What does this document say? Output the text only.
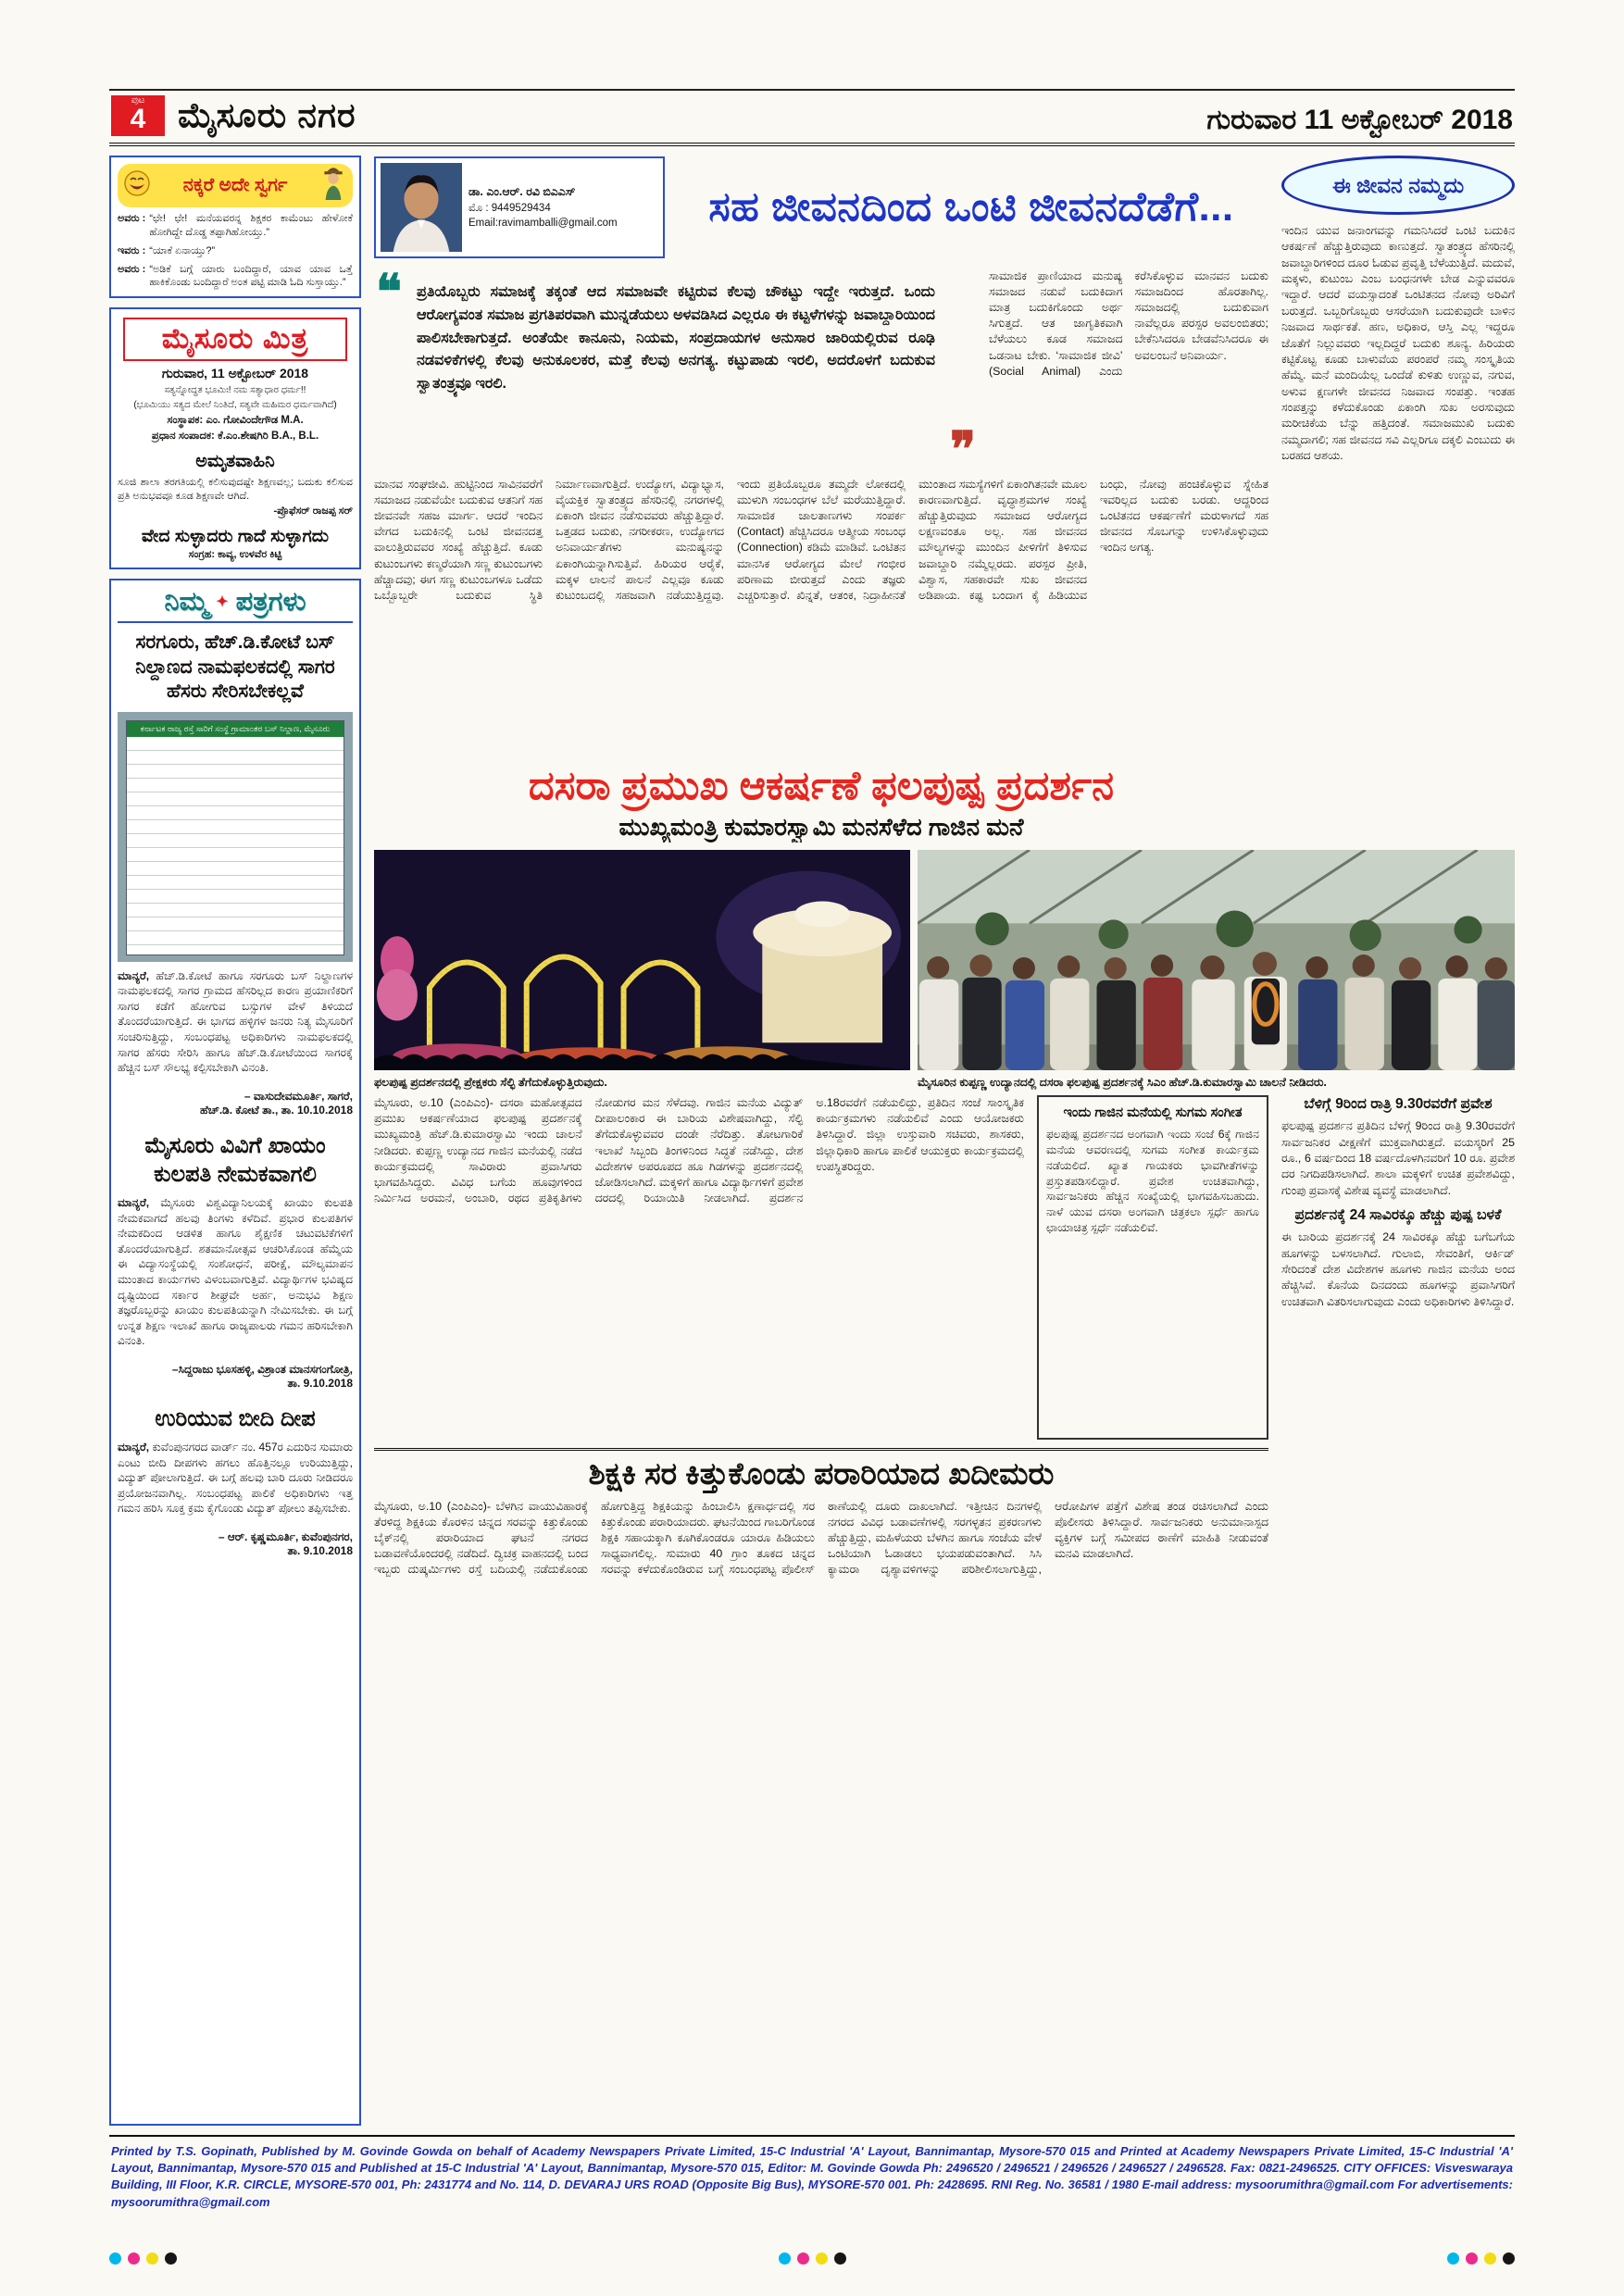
ಪುಟ
4 ಮೈಸೂರು ನಗರ	ಗುರುವಾರ 11 ಅಕ್ಟೋಬರ್ 2018
ನಕ್ಕರೆ ಅದೇ ಸ್ವರ್ಗ
ಅವರು : “ಛೇ! ಛೇ! ಮನೆಯವರನ್ನ ಶಿಕ್ಷಕರ ಕಾಮೆಂಟು ಹೇಳೋಕೆ ಹೋಗಿದ್ದೇ ದೊಡ್ಡ ತಪ್ಪಾಗಿಹೋಯ್ತು.”
ಇವರು : “ಯಾಕೆ ಏನಾಯ್ತು?”
ಅವರು : “ಅಡಿಕೆ ಬಗ್ಗೆ ಯಾರು ಬಂದಿದ್ದಾರೆ, ಯಾವ ಯಾವ ಒತ್ತೆ ಹಾಕಿಕೊಂಡು ಬಂದಿದ್ದಾರೆ ಅಂತ ಪಟ್ಟಿ ಮಾಡಿ ಓದಿ ಸುಸ್ತಾಯ್ತು.”
ಮೈಸೂರು ಮಿತ್ರ
ಗುರುವಾರ, 11 ಅಕ್ಟೋಬರ್ 2018
ಸತ್ಯನ್ನೋದ್ಧತ ಭೂಮಿಃ! ನಮ ಸತ್ಯಾಧಾರ ಧರ್ಮ!!
(ಭೂಮಿಯು ಸತ್ಯದ ಮೇಲೆ ನಿಂತಿದೆ, ಸತ್ಯವೇ ಮಹಿಮರ ಧರ್ಮವಾಗಿದೆ)
ಸಂಸ್ಥಾಪಕ: ಎಂ. ಗೋವಿಂದೇಗೌಡ M.A.
ಪ್ರಧಾನ ಸಂಪಾದಕ: ಕೆ.ಎಂ.ಶೇಷಗಿರಿ B.A., B.L.
ಅಮೃತವಾಹಿನಿ
ಸೂಜಿ ಶಾಲಾ ತರಗತಿಯಲ್ಲಿ ಕಲಿಸುವುದಷ್ಟೇ ಶಿಕ್ಷಣವಲ್ಲ; ಬದುಕು ಕಲಿಸುವ ಪ್ರತಿ ಅನುಭವವೂ ಕೂಡ ಶಿಕ್ಷಣವೇ ಆಗಿದೆ.
-ಪ್ರೊಫೆಸರ್ ರಾಜಪ್ಪ ಸರ್
ವೇದ ಸುಳ್ಳಾದರು ಗಾದೆ ಸುಳ್ಳಾಗದು
ಸಂಗ್ರಹ: ಕಾವ್ಯ, ಉಳವೆರ ಕಿಟ್ಟಿ
ನಿಮ್ಮ ✦ ಪತ್ರಗಳು
ಸರಗೂರು, ಹೆಚ್.ಡಿ.ಕೋಟೆ ಬಸ್ ನಿಲ್ದಾಣದ ನಾಮಫಲಕದಲ್ಲಿ ಸಾಗರ ಹೆಸರು ಸೇರಿಸಬೇಕಲ್ಲವೆ
ಕರ್ನಾಟಕ ರಾಜ್ಯ ರಸ್ತೆ ಸಾರಿಗೆ ಸಂಸ್ಥೆ ಗ್ರಾಮಾಂತರ ಬಸ್ ನಿಲ್ದಾಣ, ಮೈಸೂರು

ಮಾನ್ಯರೆ, ಹೆಚ್.ಡಿ.ಕೋಟೆ ಹಾಗೂ ಸರಗೂರು ಬಸ್ ನಿಲ್ದಾಣಗಳ ನಾಮಫಲಕದಲ್ಲಿ ಸಾಗರ ಗ್ರಾಮದ ಹೆಸರಿಲ್ಲದ ಕಾರಣ ಪ್ರಯಾಣಿಕರಿಗೆ ಸಾಗರ ಕಡೆಗೆ ಹೋಗುವ ಬಸ್ಸುಗಳ ವೇಳೆ ತಿಳಿಯದೆ ತೊಂದರೆಯಾಗುತ್ತಿದೆ. ಈ ಭಾಗದ ಹಳ್ಳಿಗಳ ಜನರು ನಿತ್ಯ ಮೈಸೂರಿಗೆ ಸಂಚರಿಸುತ್ತಿದ್ದು, ಸಂಬಂಧಪಟ್ಟ ಅಧಿಕಾರಿಗಳು ನಾಮಫಲಕದಲ್ಲಿ ಸಾಗರ ಹೆಸರು ಸೇರಿಸಿ ಹಾಗೂ ಹೆಚ್.ಡಿ.ಕೋಟೆಯಿಂದ ಸಾಗರಕ್ಕೆ ಹೆಚ್ಚಿನ ಬಸ್ ಸೌಲಭ್ಯ ಕಲ್ಪಿಸಬೇಕಾಗಿ ವಿನಂತಿ.

– ವಾಸುದೇವಮೂರ್ತಿ, ಸಾಗರೆ,
ಹೆಚ್.ಡಿ. ಕೋಟೆ ತಾ., ತಾ. 10.10.2018
ಮೈಸೂರು ವಿವಿಗೆ ಖಾಯಂ ಕುಲಪತಿ ನೇಮಕವಾಗಲಿ

ಮಾನ್ಯರೆ, ಮೈಸೂರು ವಿಶ್ವವಿದ್ಯಾನಿಲಯಕ್ಕೆ ಖಾಯಂ ಕುಲಪತಿ ನೇಮಕವಾಗದೆ ಹಲವು ತಿಂಗಳು ಕಳೆದಿವೆ. ಪ್ರಭಾರ ಕುಲಪತಿಗಳ ನೇಮಕದಿಂದ ಆಡಳಿತ ಹಾಗೂ ಶೈಕ್ಷಣಿಕ ಚಟುವಟಿಕೆಗಳಿಗೆ ತೊಂದರೆಯಾಗುತ್ತಿದೆ. ಶತಮಾನೋತ್ಸವ ಆಚರಿಸಿಕೊಂಡ ಹೆಮ್ಮೆಯ ಈ ವಿದ್ಯಾಸಂಸ್ಥೆಯಲ್ಲಿ ಸಂಶೋಧನೆ, ಪರೀಕ್ಷೆ, ಮೌಲ್ಯಮಾಪನ ಮುಂತಾದ ಕಾರ್ಯಗಳು ವಿಳಂಬವಾಗುತ್ತಿವೆ. ವಿದ್ಯಾರ್ಥಿಗಳ ಭವಿಷ್ಯದ ದೃಷ್ಟಿಯಿಂದ ಸರ್ಕಾರ ಶೀಘ್ರವೇ ಅರ್ಹ, ಅನುಭವಿ ಶಿಕ್ಷಣ ತಜ್ಞರೊಬ್ಬರನ್ನು ಖಾಯಂ ಕುಲಪತಿಯನ್ನಾಗಿ ನೇಮಿಸಬೇಕು. ಈ ಬಗ್ಗೆ ಉನ್ನತ ಶಿಕ್ಷಣ ಇಲಾಖೆ ಹಾಗೂ ರಾಜ್ಯಪಾಲರು ಗಮನ ಹರಿಸಬೇಕಾಗಿ ವಿನಂತಿ.

–ಸಿದ್ದರಾಜು ಭೂಸಹಳ್ಳಿ, ವಿಶ್ರಾಂತ ಮಾನಸಗಂಗೋತ್ರಿ,
ತಾ. 9.10.2018
ಉರಿಯುವ ಬೀದಿ ದೀಪ

ಮಾನ್ಯರೆ, ಕುವೆಂಪುನಗರದ ವಾರ್ಡ್ ನಂ. 457ರ ಎದುರಿನ ಸುಮಾರು ಎಂಟು ಬೀದಿ ದೀಪಗಳು ಹಗಲು ಹೊತ್ತಿನಲ್ಲೂ ಉರಿಯುತ್ತಿದ್ದು, ವಿದ್ಯುತ್ ಪೋಲಾಗುತ್ತಿದೆ. ಈ ಬಗ್ಗೆ ಹಲವು ಬಾರಿ ದೂರು ನೀಡಿದರೂ ಪ್ರಯೋಜನವಾಗಿಲ್ಲ. ಸಂಬಂಧಪಟ್ಟ ಪಾಲಿಕೆ ಅಧಿಕಾರಿಗಳು ಇತ್ತ ಗಮನ ಹರಿಸಿ ಸೂಕ್ತ ಕ್ರಮ ಕೈಗೊಂಡು ವಿದ್ಯುತ್ ಪೋಲು ತಪ್ಪಿಸಬೇಕು.

– ಆರ್. ಕೃಷ್ಣಮೂರ್ತಿ, ಕುವೆಂಪುನಗರ,
ತಾ. 9.10.2018
ಡಾ. ಎಂ.ಆರ್. ರವಿ ಬಿಎಎಸ್
ಮೊ : 9449529434
Email:ravimamballi@gmail.com	ಸಹ ಜೀವನದಿಂದ ಒಂಟಿ ಜೀವನದೆಡೆಗೆ...
❝ ಪ್ರತಿಯೊಬ್ಬರು ಸಮಾಜಕ್ಕೆ ತಕ್ಕಂತೆ ಆದ ಸಮಾಜವೇ ಕಟ್ಟಿರುವ ಕೆಲವು ಚೌಕಟ್ಟು ಇದ್ದೇ ಇರುತ್ತದೆ. ಒಂದು ಆರೋಗ್ಯವಂತ ಸಮಾಜ ಪ್ರಗತಿಪರವಾಗಿ ಮುನ್ನಡೆಯಲು ಅಳವಡಿಸಿದ ಎಲ್ಲರೂ ಈ ಕಟ್ಟಳೆಗಳನ್ನು ಜವಾಬ್ದಾರಿಯಿಂದ ಪಾಲಿಸಬೇಕಾಗುತ್ತದೆ. ಅಂತೆಯೇ ಕಾನೂನು, ನಿಯಮ, ಸಂಪ್ರದಾಯಗಳ ಅನುಸಾರ ಜಾರಿಯಲ್ಲಿರುವ ರೂಢಿ ನಡವಳಿಕೆಗಳಲ್ಲಿ ಕೆಲವು ಅನುಕೂಲಕರ, ಮತ್ತೆ ಕೆಲವು ಅನಗತ್ಯ. ಕಟ್ಟುಪಾಡು ಇರಲಿ, ಅದರೊಳಗೆ ಬದುಕುವ ಸ್ವಾತಂತ್ರ್ಯವೂ ಇರಲಿ.
❞
ಸಾಮಾಜಿಕ ಪ್ರಾಣಿಯಾದ ಮನುಷ್ಯ ಸಮಾಜದ ನಡುವೆ ಬದುಕಿದಾಗ ಮಾತ್ರ ಬದುಕಿಗೊಂದು ಅರ್ಥ ಸಿಗುತ್ತದೆ. ಆತ ಜಾಗೃತಿಕವಾಗಿ ಬೆಳೆಯಲು ಕೂಡ ಸಮಾಜದ ಒಡನಾಟ ಬೇಕು. ‘ಸಾಮಾಜಿಕ ಜೀವಿ’ (Social Animal) ಎಂದು ಕರೆಸಿಕೊಳ್ಳುವ ಮಾನವನ ಬದುಕು ಸಮಾಜದಿಂದ ಹೊರತಾಗಿಲ್ಲ. ಸಮಾಜದಲ್ಲಿ ಬದುಕುವಾಗ ನಾವೆಲ್ಲರೂ ಪರಸ್ಪರ ಅವಲಂಬಿತರು; ಬೇಕೆನಿಸಿದರೂ ಬೇಡವೆನಿಸಿದರೂ ಈ ಅವಲಂಬನೆ ಅನಿವಾರ್ಯ.
ಮಾನವ ಸಂಘಜೀವಿ. ಹುಟ್ಟಿನಿಂದ ಸಾವಿನವರೆಗೆ ಸಮಾಜದ ನಡುವೆಯೇ ಬದುಕುವ ಆತನಿಗೆ ಸಹ ಜೀವನವೇ ಸಹಜ ಮಾರ್ಗ. ಆದರೆ ಇಂದಿನ ವೇಗದ ಬದುಕಿನಲ್ಲಿ ಒಂಟಿ ಜೀವನದತ್ತ ವಾಲುತ್ತಿರುವವರ ಸಂಖ್ಯೆ ಹೆಚ್ಚುತ್ತಿದೆ. ಕೂಡು ಕುಟುಂಬಗಳು ಕಣ್ಮರೆಯಾಗಿ ಸಣ್ಣ ಕುಟುಂಬಗಳು ಹೆಚ್ಚಾದವು; ಈಗ ಸಣ್ಣ ಕುಟುಂಬಗಳೂ ಒಡೆದು ಒಬ್ಬೊಬ್ಬರೇ ಬದುಕುವ ಸ್ಥಿತಿ ನಿರ್ಮಾಣವಾಗುತ್ತಿದೆ. ಉದ್ಯೋಗ, ವಿದ್ಯಾಭ್ಯಾಸ, ವೈಯಕ್ತಿಕ ಸ್ವಾತಂತ್ರ್ಯದ ಹೆಸರಿನಲ್ಲಿ ನಗರಗಳಲ್ಲಿ ಏಕಾಂಗಿ ಜೀವನ ನಡೆಸುವವರು ಹೆಚ್ಚುತ್ತಿದ್ದಾರೆ. ಒತ್ತಡದ ಬದುಕು, ನಗರೀಕರಣ, ಉದ್ಯೋಗದ ಅನಿವಾರ್ಯತೆಗಳು ಮನುಷ್ಯನನ್ನು ಏಕಾಂಗಿಯನ್ನಾಗಿಸುತ್ತಿವೆ. ಹಿರಿಯರ ಆರೈಕೆ, ಮಕ್ಕಳ ಲಾಲನೆ ಪಾಲನೆ ಎಲ್ಲವೂ ಕೂಡು ಕುಟುಂಬದಲ್ಲಿ ಸಹಜವಾಗಿ ನಡೆಯುತ್ತಿದ್ದವು. ಇಂದು ಪ್ರತಿಯೊಬ್ಬರೂ ತಮ್ಮದೇ ಲೋಕದಲ್ಲಿ ಮುಳುಗಿ ಸಂಬಂಧಗಳ ಬೆಲೆ ಮರೆಯುತ್ತಿದ್ದಾರೆ. ಸಾಮಾಜಿಕ ಜಾಲತಾಣಗಳು ಸಂಪರ್ಕ (Contact) ಹೆಚ್ಚಿಸಿದರೂ ಆತ್ಮೀಯ ಸಂಬಂಧ (Connection) ಕಡಿಮೆ ಮಾಡಿವೆ. ಒಂಟಿತನ ಮಾನಸಿಕ ಆರೋಗ್ಯದ ಮೇಲೆ ಗಂಭೀರ ಪರಿಣಾಮ ಬೀರುತ್ತದೆ ಎಂದು ತಜ್ಞರು ಎಚ್ಚರಿಸುತ್ತಾರೆ. ಖಿನ್ನತೆ, ಆತಂಕ, ನಿದ್ರಾಹೀನತೆ ಮುಂತಾದ ಸಮಸ್ಯೆಗಳಿಗೆ ಏಕಾಂಗಿತನವೇ ಮೂಲ ಕಾರಣವಾಗುತ್ತಿದೆ. ವೃದ್ಧಾಶ್ರಮಗಳ ಸಂಖ್ಯೆ ಹೆಚ್ಚುತ್ತಿರುವುದು ಸಮಾಜದ ಆರೋಗ್ಯದ ಲಕ್ಷಣವಂತೂ ಅಲ್ಲ. ಸಹ ಜೀವನದ ಮೌಲ್ಯಗಳನ್ನು ಮುಂದಿನ ಪೀಳಿಗೆಗೆ ತಿಳಿಸುವ ಜವಾಬ್ದಾರಿ ನಮ್ಮೆಲ್ಲರದು. ಪರಸ್ಪರ ಪ್ರೀತಿ, ವಿಶ್ವಾಸ, ಸಹಕಾರವೇ ಸುಖ ಜೀವನದ ಅಡಿಪಾಯ. ಕಷ್ಟ ಬಂದಾಗ ಕೈ ಹಿಡಿಯುವ ಬಂಧು, ನೋವು ಹಂಚಿಕೊಳ್ಳುವ ಸ್ನೇಹಿತ ಇವರಿಲ್ಲದ ಬದುಕು ಬರಡು. ಆದ್ದರಿಂದ ಒಂಟಿತನದ ಆಕರ್ಷಣೆಗೆ ಮರುಳಾಗದೆ ಸಹ ಜೀವನದ ಸೊಬಗನ್ನು ಉಳಿಸಿಕೊಳ್ಳುವುದು ಇಂದಿನ ಅಗತ್ಯ.
ದಸರಾ ಪ್ರಮುಖ ಆಕ‌ರ್ಷಣೆ ಫಲಪುಷ್ಪ ಪ್ರದರ್ಶನ
ಮುಖ್ಯಮಂತ್ರಿ ಕುಮಾರಸ್ವಾಮಿ ಮನಸೆಳೆದ ಗಾಜಿನ ಮನೆ
ಈ ಜೀವನ ನಮ್ಮದು
ಇಂದಿನ ಯುವ ಜನಾಂಗವನ್ನು ಗಮನಿಸಿದರೆ ಒಂಟಿ ಬದುಕಿನ ಆಕರ್ಷಣೆ ಹೆಚ್ಚುತ್ತಿರುವುದು ಕಾಣುತ್ತದೆ. ಸ್ವಾತಂತ್ರ್ಯದ ಹೆಸರಿನಲ್ಲಿ ಜವಾಬ್ದಾರಿಗಳಿಂದ ದೂರ ಓಡುವ ಪ್ರವೃತ್ತಿ ಬೆಳೆಯುತ್ತಿದೆ. ಮದುವೆ, ಮಕ್ಕಳು, ಕುಟುಂಬ ಎಂಬ ಬಂಧನಗಳೇ ಬೇಡ ಎನ್ನುವವರೂ ಇದ್ದಾರೆ. ಆದರೆ ವಯಸ್ಸಾದಂತೆ ಒಂಟಿತನದ ನೋವು ಅರಿವಿಗೆ ಬರುತ್ತದೆ. ಒಬ್ಬರಿಗೊಬ್ಬರು ಆಸರೆಯಾಗಿ ಬದುಕುವುದೇ ಬಾಳಿನ ನಿಜವಾದ ಸಾರ್ಥಕತೆ. ಹಣ, ಅಧಿಕಾರ, ಆಸ್ತಿ ಎಲ್ಲ ಇದ್ದರೂ ಜೊತೆಗೆ ನಿಲ್ಲುವವರು ಇಲ್ಲದಿದ್ದರೆ ಬದುಕು ಶೂನ್ಯ. ಹಿರಿಯರು ಕಟ್ಟಿಕೊಟ್ಟ ಕೂಡು ಬಾಳುವೆಯ ಪರಂಪರೆ ನಮ್ಮ ಸಂಸ್ಕೃತಿಯ ಹೆಮ್ಮೆ. ಮನೆ ಮಂದಿಯೆಲ್ಲ ಒಂದೆಡೆ ಕುಳಿತು ಉಣ್ಣುವ, ನಗುವ, ಅಳುವ ಕ್ಷಣಗಳೇ ಜೀವನದ ನಿಜವಾದ ಸಂಪತ್ತು. ಇಂತಹ ಸಂಪತ್ತನ್ನು ಕಳೆದುಕೊಂಡು ಏಕಾಂಗಿ ಸುಖ ಅರಸುವುದು ಮರೀಚಿಕೆಯ ಬೆನ್ನು ಹತ್ತಿದಂತೆ. ಸಮಾಜಮುಖಿ ಬದುಕು ನಮ್ಮದಾಗಲಿ; ಸಹ ಜೀವನದ ಸವಿ ಎಲ್ಲರಿಗೂ ದಕ್ಕಲಿ ಎಂಬುದು ಈ ಬರಹದ ಆಶಯ.
ಫಲಪುಷ್ಪ ಪ್ರದರ್ಶನದಲ್ಲಿ ಪ್ರೇಕ್ಷಕರು ಸೆಲ್ಫಿ ತೆಗೆದುಕೊಳ್ಳುತ್ತಿರುವುದು.	ಮೈಸೂರಿನ ಕುಪ್ಪಣ್ಣ ಉದ್ಯಾನದಲ್ಲಿ ದಸರಾ ಫಲಪುಷ್ಪ ಪ್ರದರ್ಶನಕ್ಕೆ ಸಿಎಂ ಹೆಚ್.ಡಿ.ಕುಮಾರಸ್ವಾಮಿ ಚಾಲನೆ ನೀಡಿದರು.
ಮೈಸೂರು, ಅ.10 (ಎಂಪಿಎಂ)- ದಸರಾ ಮಹೋತ್ಸವದ ಪ್ರಮುಖ ಆಕರ್ಷಣೆಯಾದ ಫಲಪುಷ್ಪ ಪ್ರದರ್ಶನಕ್ಕೆ ಮುಖ್ಯಮಂತ್ರಿ ಹೆಚ್.ಡಿ.ಕುಮಾರಸ್ವಾಮಿ ಇಂದು ಚಾಲನೆ ನೀಡಿದರು. ಕುಪ್ಪಣ್ಣ ಉದ್ಯಾನದ ಗಾಜಿನ ಮನೆಯಲ್ಲಿ ನಡೆದ ಕಾರ್ಯಕ್ರಮದಲ್ಲಿ ಸಾವಿರಾರು ಪ್ರವಾಸಿಗರು ಭಾಗವಹಿಸಿದ್ದರು. ವಿವಿಧ ಬಗೆಯ ಹೂವುಗಳಿಂದ ನಿರ್ಮಿಸಿದ ಅರಮನೆ, ಅಂಬಾರಿ, ರಥದ ಪ್ರತಿಕೃತಿಗಳು ನೋಡುಗರ ಮನ ಸೆಳೆದವು. ಗಾಜಿನ ಮನೆಯ ವಿದ್ಯುತ್ ದೀಪಾಲಂಕಾರ ಈ ಬಾರಿಯ ವಿಶೇಷವಾಗಿದ್ದು, ಸೆಲ್ಫಿ ತೆಗೆದುಕೊಳ್ಳುವವರ ದಂಡೇ ನೆರೆದಿತ್ತು. ತೋಟಗಾರಿಕೆ ಇಲಾಖೆ ಸಿಬ್ಬಂದಿ ತಿಂಗಳಿನಿಂದ ಸಿದ್ಧತೆ ನಡೆಸಿದ್ದು, ದೇಶ ವಿದೇಶಗಳ ಅಪರೂಪದ ಹೂ ಗಿಡಗಳನ್ನು ಪ್ರದರ್ಶನದಲ್ಲಿ ಜೋಡಿಸಲಾಗಿದೆ. ಮಕ್ಕಳಿಗೆ ಹಾಗೂ ವಿದ್ಯಾರ್ಥಿಗಳಿಗೆ ಪ್ರವೇಶ ದರದಲ್ಲಿ ರಿಯಾಯಿತಿ ನೀಡಲಾಗಿದೆ. ಪ್ರದರ್ಶನ ಅ.18ರವರೆಗೆ ನಡೆಯಲಿದ್ದು, ಪ್ರತಿದಿನ ಸಂಜೆ ಸಾಂಸ್ಕೃತಿಕ ಕಾರ್ಯಕ್ರಮಗಳು ನಡೆಯಲಿವೆ ಎಂದು ಆಯೋಜಕರು ತಿಳಿಸಿದ್ದಾರೆ. ಜಿಲ್ಲಾ ಉಸ್ತುವಾರಿ ಸಚಿವರು, ಶಾಸಕರು, ಜಿಲ್ಲಾಧಿಕಾರಿ ಹಾಗೂ ಪಾಲಿಕೆ ಆಯುಕ್ತರು ಕಾರ್ಯಕ್ರಮದಲ್ಲಿ ಉಪಸ್ಥಿತರಿದ್ದರು.
ಇಂದು ಗಾಜಿನ ಮನೆಯಲ್ಲಿ ಸುಗಮ ಸಂಗೀತ
ಫಲಪುಷ್ಪ ಪ್ರದರ್ಶನದ ಅಂಗವಾಗಿ ಇಂದು ಸಂಜೆ 6ಕ್ಕೆ ಗಾಜಿನ ಮನೆಯ ಆವರಣದಲ್ಲಿ ಸುಗಮ ಸಂಗೀತ ಕಾರ್ಯಕ್ರಮ ನಡೆಯಲಿದೆ. ಖ್ಯಾತ ಗಾಯಕರು ಭಾವಗೀತೆಗಳನ್ನು ಪ್ರಸ್ತುತಪಡಿಸಲಿದ್ದಾರೆ. ಪ್ರವೇಶ ಉಚಿತವಾಗಿದ್ದು, ಸಾರ್ವಜನಿಕರು ಹೆಚ್ಚಿನ ಸಂಖ್ಯೆಯಲ್ಲಿ ಭಾಗವಹಿಸಬಹುದು. ನಾಳೆ ಯುವ ದಸರಾ ಅಂಗವಾಗಿ ಚಿತ್ರಕಲಾ ಸ್ಪರ್ಧೆ ಹಾಗೂ ಛಾಯಾಚಿತ್ರ ಸ್ಪರ್ಧೆ ನಡೆಯಲಿವೆ.
ಶಿಕ್ಷಕಿ ಸರ ಕಿತ್ತುಕೊಂಡು ಪರಾರಿಯಾದ ಖದೀಮರು
ಮೈಸೂರು, ಅ.10 (ಎಂಪಿಎಂ)- ಬೆಳಗಿನ ವಾಯುವಿಹಾರಕ್ಕೆ ತೆರಳಿದ್ದ ಶಿಕ್ಷಕಿಯ ಕೊರಳಿನ ಚಿನ್ನದ ಸರವನ್ನು ಕಿತ್ತುಕೊಂಡು ಬೈಕ್‌ನಲ್ಲಿ ಪರಾರಿಯಾದ ಘಟನೆ ನಗರದ ಬಡಾವಣೆಯೊಂದರಲ್ಲಿ ನಡೆದಿದೆ. ದ್ವಿಚಕ್ರ ವಾಹನದಲ್ಲಿ ಬಂದ ಇಬ್ಬರು ದುಷ್ಕರ್ಮಿಗಳು ರಸ್ತೆ ಬದಿಯಲ್ಲಿ ನಡೆದುಕೊಂಡು ಹೋಗುತ್ತಿದ್ದ ಶಿಕ್ಷಕಿಯನ್ನು ಹಿಂಬಾಲಿಸಿ ಕ್ಷಣಾರ್ಧದಲ್ಲಿ ಸರ ಕಿತ್ತುಕೊಂಡು ಪರಾರಿಯಾದರು. ಘಟನೆಯಿಂದ ಗಾಬರಿಗೊಂಡ ಶಿಕ್ಷಕಿ ಸಹಾಯಕ್ಕಾಗಿ ಕೂಗಿಕೊಂಡರೂ ಯಾರೂ ಹಿಡಿಯಲು ಸಾಧ್ಯವಾಗಲಿಲ್ಲ. ಸುಮಾರು 40 ಗ್ರಾಂ ತೂಕದ ಚಿನ್ನದ ಸರವನ್ನು ಕಳೆದುಕೊಂಡಿರುವ ಬಗ್ಗೆ ಸಂಬಂಧಪಟ್ಟ ಪೊಲೀಸ್ ಠಾಣೆಯಲ್ಲಿ ದೂರು ದಾಖಲಾಗಿದೆ. ಇತ್ತೀಚಿನ ದಿನಗಳಲ್ಲಿ ನಗರದ ವಿವಿಧ ಬಡಾವಣೆಗಳಲ್ಲಿ ಸರಗಳ್ಳತನ ಪ್ರಕರಣಗಳು ಹೆಚ್ಚುತ್ತಿದ್ದು, ಮಹಿಳೆಯರು ಬೆಳಗಿನ ಹಾಗೂ ಸಂಜೆಯ ವೇಳೆ ಒಂಟಿಯಾಗಿ ಓಡಾಡಲು ಭಯಪಡುವಂತಾಗಿದೆ. ಸಿಸಿ ಕ್ಯಾಮರಾ ದೃಶ್ಯಾವಳಿಗಳನ್ನು ಪರಿಶೀಲಿಸಲಾಗುತ್ತಿದ್ದು, ಆರೋಪಿಗಳ ಪತ್ತೆಗೆ ವಿಶೇಷ ತಂಡ ರಚಿಸಲಾಗಿದೆ ಎಂದು ಪೊಲೀಸರು ತಿಳಿಸಿದ್ದಾರೆ. ಸಾರ್ವಜನಿಕರು ಅನುಮಾನಾಸ್ಪದ ವ್ಯಕ್ತಿಗಳ ಬಗ್ಗೆ ಸಮೀಪದ ಠಾಣೆಗೆ ಮಾಹಿತಿ ನೀಡುವಂತೆ ಮನವಿ ಮಾಡಲಾಗಿದೆ.
ಬೆಳಿಗ್ಗೆ 9ರಿಂದ ರಾತ್ರಿ 9.30ರವರೆಗೆ ಪ್ರವೇಶ
ಫಲಪುಷ್ಪ ಪ್ರದರ್ಶನ ಪ್ರತಿದಿನ ಬೆಳಿಗ್ಗೆ 9ರಿಂದ ರಾತ್ರಿ 9.30ರವರೆಗೆ ಸಾರ್ವಜನಿಕರ ವೀಕ್ಷಣೆಗೆ ಮುಕ್ತವಾಗಿರುತ್ತದೆ. ವಯಸ್ಕರಿಗೆ 25 ರೂ., 6 ವರ್ಷದಿಂದ 18 ವರ್ಷದೊಳಗಿನವರಿಗೆ 10 ರೂ. ಪ್ರವೇಶ ದರ ನಿಗದಿಪಡಿಸಲಾಗಿದೆ. ಶಾಲಾ ಮಕ್ಕಳಿಗೆ ಉಚಿತ ಪ್ರವೇಶವಿದ್ದು, ಗುಂಪು ಪ್ರವಾಸಕ್ಕೆ ವಿಶೇಷ ವ್ಯವಸ್ಥೆ ಮಾಡಲಾಗಿದೆ.
ಪ್ರದರ್ಶನಕ್ಕೆ 24 ಸಾವಿರಕ್ಕೂ ಹೆಚ್ಚು ಪುಷ್ಪ ಬಳಕೆ
ಈ ಬಾರಿಯ ಪ್ರದರ್ಶನಕ್ಕೆ 24 ಸಾವಿರಕ್ಕೂ ಹೆಚ್ಚು ಬಗೆಬಗೆಯ ಹೂಗಳನ್ನು ಬಳಸಲಾಗಿದೆ. ಗುಲಾಬಿ, ಸೇವಂತಿಗೆ, ಆರ್ಕಿಡ್ ಸೇರಿದಂತೆ ದೇಶ ವಿದೇಶಗಳ ಹೂಗಳು ಗಾಜಿನ ಮನೆಯ ಅಂದ ಹೆಚ್ಚಿಸಿವೆ. ಕೊನೆಯ ದಿನದಂದು ಹೂಗಳನ್ನು ಪ್ರವಾಸಿಗರಿಗೆ ಉಚಿತವಾಗಿ ವಿತರಿಸಲಾಗುವುದು ಎಂದು ಅಧಿಕಾರಿಗಳು ತಿಳಿಸಿದ್ದಾರೆ.
Printed by T.S. Gopinath, Published by M. Govinde Gowda on behalf of Academy Newspapers Private Limited, 15-C Industrial 'A' Layout, Bannimantap, Mysore-570 015 and Printed at Academy Newspapers Private Limited, 15-C Industrial 'A' Layout, Bannimantap, Mysore-570 015 and Published at 15-C Industrial 'A' Layout, Bannimantap, Mysore-570 015, Editor: M. Govinde Gowda Ph: 2496520 / 2496521 / 2496526 / 2496527 / 2496528. Fax: 0821-2496525. CITY OFFICES: Visveswaraya Building, III Floor, K.R. CIRCLE, MYSORE-570 001, Ph: 2431774 and No. 114, D. DEVARAJ URS ROAD (Opposite Big Bus), MYSORE-570 001. Ph: 2428695. RNI Reg. No. 36581 / 1980 E-mail address: mysoorumithra@gmail.com For advertisements: mysoorumithra@gmail.com
